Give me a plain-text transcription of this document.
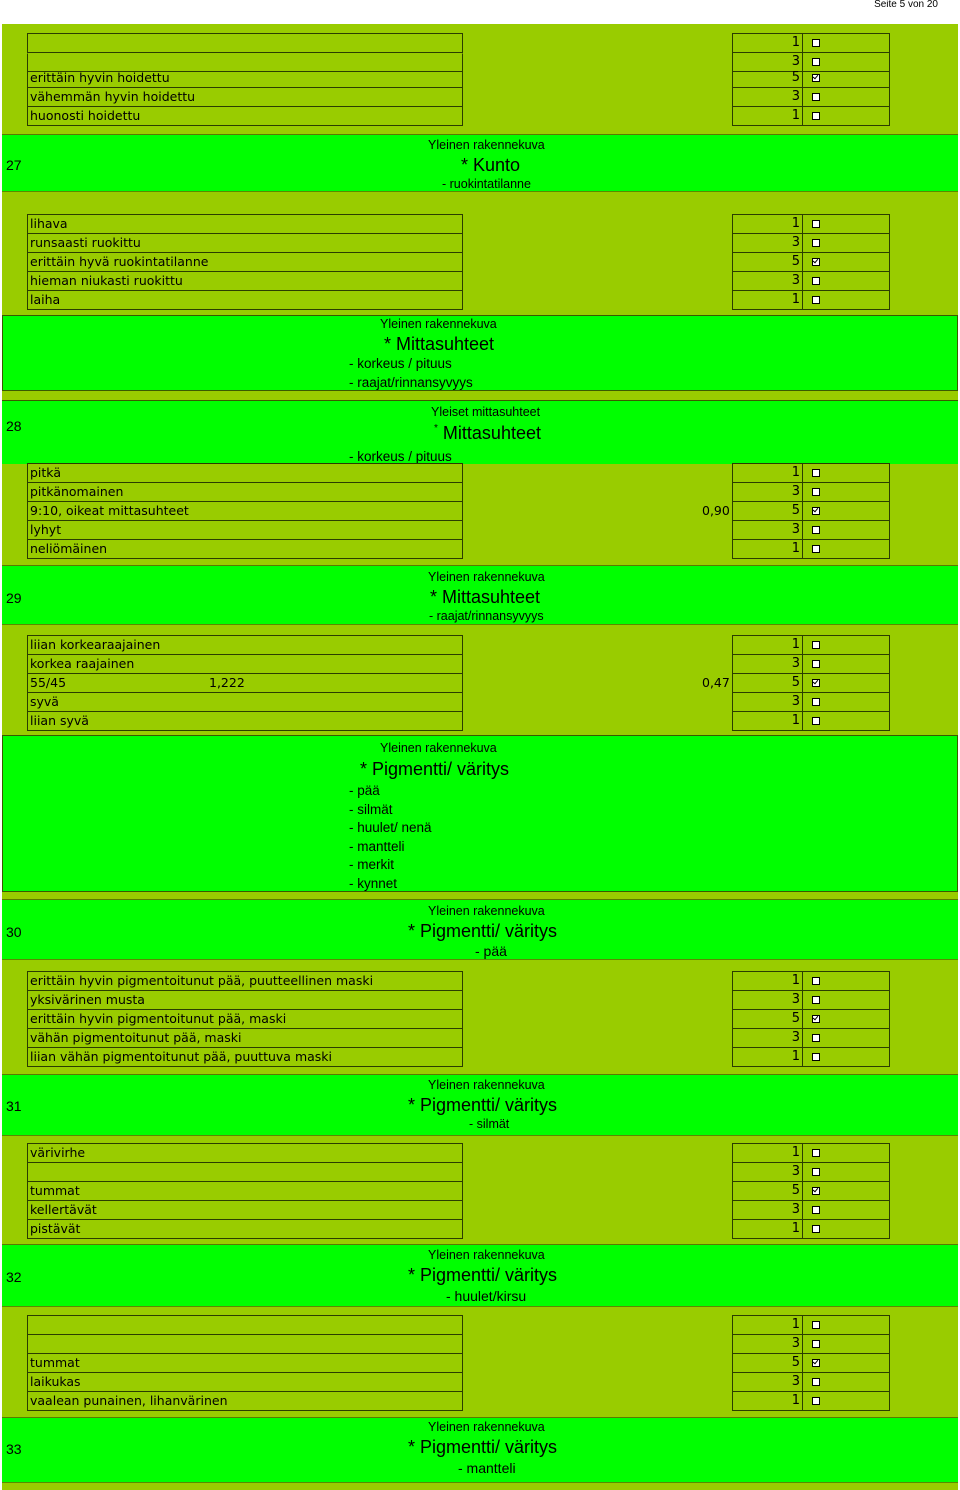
Seite 5 von 20
erittäin hyvin hoidettu
vähemmän hyvin hoidettu
huonosti hoidettu
1
3
5
3
1
27
Yleinen rakennekuva
* Kunto
- ruokintatilanne
lihava
runsaasti ruokittu
erittäin hyvä ruokintatilanne
hieman niukasti ruokittu
laiha
1
3
5
3
1
Yleinen rakennekuva
* Mittasuhteet
- korkeus / pituus
- raajat/rinnansyvyys
28
Yleiset mittasuhteet
* Mittasuhteet
- korkeus / pituus
pitkä
pitkänomainen
9:10, oikeat mittasuhteet
lyhyt
neliömäinen
0,90
1
3
5
3
1
29
Yleinen rakennekuva
* Mittasuhteet
- raajat/rinnansyvyys
liian korkearaajainen
korkea raajainen
55/45
syvä
liian syvä
1,222	0,47
1
3
5
3
1
Yleinen rakennekuva
* Pigmentti/ väritys
- pää
- silmät
- huulet/ nenä
- mantteli
- merkit
- kynnet
30
Yleinen rakennekuva
* Pigmentti/ väritys
- pää
erittäin hyvin pigmentoitunut pää, puutteellinen maski
yksivärinen musta
erittäin hyvin pigmentoitunut pää, maski
vähän pigmentoitunut pää, maski
liian vähän pigmentoitunut pää, puuttuva maski
1
3
5
3
1
31
Yleinen rakennekuva
* Pigmentti/ väritys
- silmät
värivirhe
tummat
kellertävät
pistävät
1
3
5
3
1
32
Yleinen rakennekuva
* Pigmentti/ väritys
- huulet/kirsu
tummat
laikukas
vaalean punainen, lihanvärinen
1
3
5
3
1
33
Yleinen rakennekuva
* Pigmentti/ väritys
- mantteli
